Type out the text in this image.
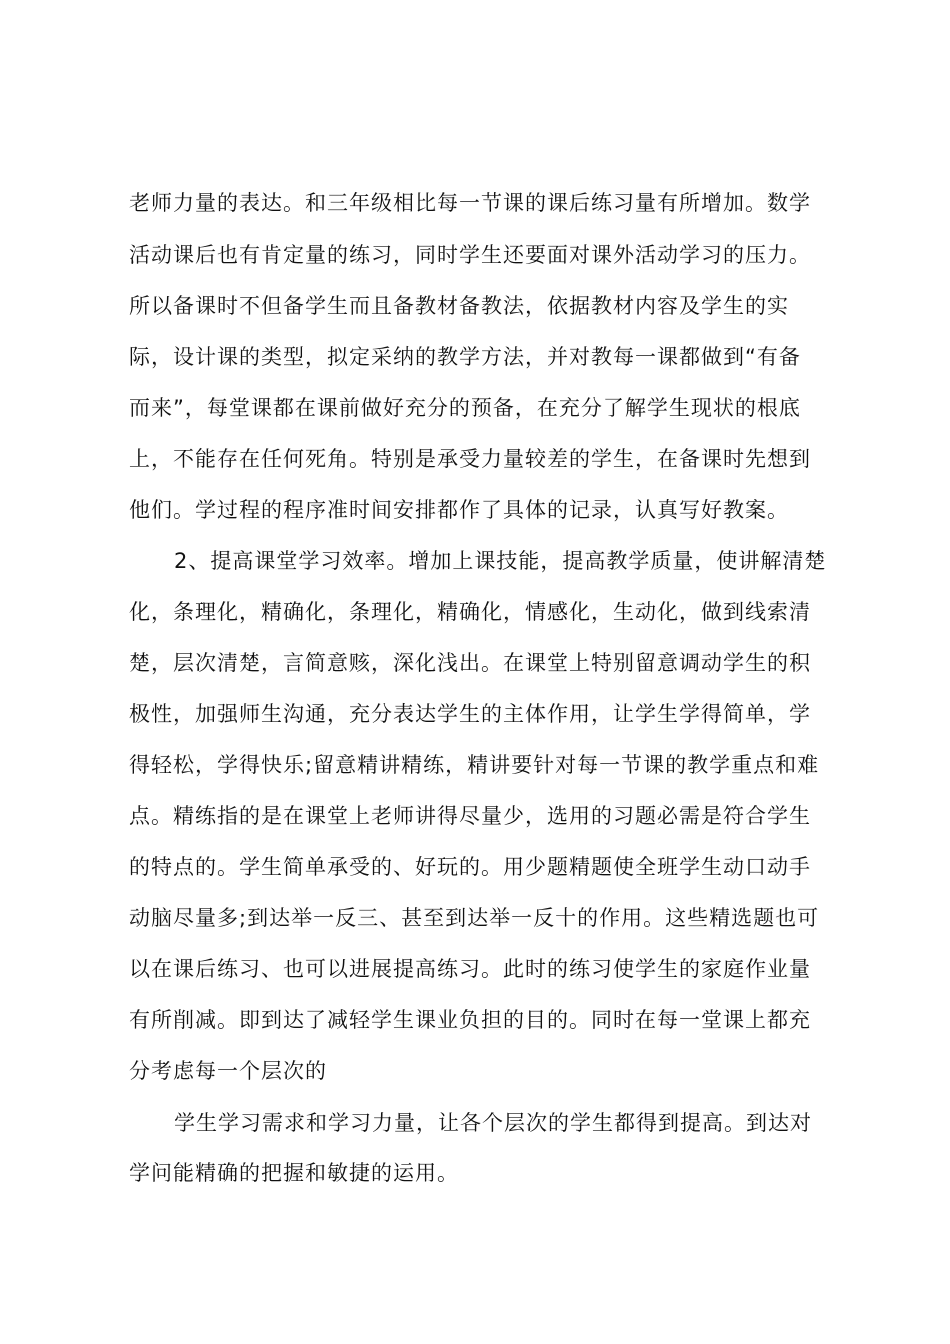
老师力量的表达。和三年级相比每一节课的课后练习量有所增加。数学
活动课后也有肯定量的练习，同时学生还要面对课外活动学习的压力。
所以备课时不但备学生而且备教材备教法，依据教材内容及学生的实
际，设计课的类型，拟定采纳的教学方法，并对教每一课都做到“有备
而来”，每堂课都在课前做好充分的预备，在充分了解学生现状的根底
上，不能存在任何死角。特别是承受力量较差的学生，在备课时先想到
他们。学过程的程序准时间安排都作了具体的记录，认真写好教案。
2、提高课堂学习效率。增加上课技能，提高教学质量，使讲解清楚
化，条理化，精确化，条理化，精确化，情感化，生动化，做到线索清
楚，层次清楚，言简意赅，深化浅出。在课堂上特别留意调动学生的积
极性，加强师生沟通，充分表达学生的主体作用，让学生学得简单，学
得轻松，学得快乐;留意精讲精练，精讲要针对每一节课的教学重点和难
点。精练指的是在课堂上老师讲得尽量少，选用的习题必需是符合学生
的特点的。学生简单承受的、好玩的。用少题精题使全班学生动口动手
动脑尽量多;到达举一反三、甚至到达举一反十的作用。这些精选题也可
以在课后练习、也可以进展提高练习。此时的练习使学生的家庭作业量
有所削减。即到达了减轻学生课业负担的目的。同时在每一堂课上都充
分考虑每一个层次的
学生学习需求和学习力量，让各个层次的学生都得到提高。到达对
学问能精确的把握和敏捷的运用。
